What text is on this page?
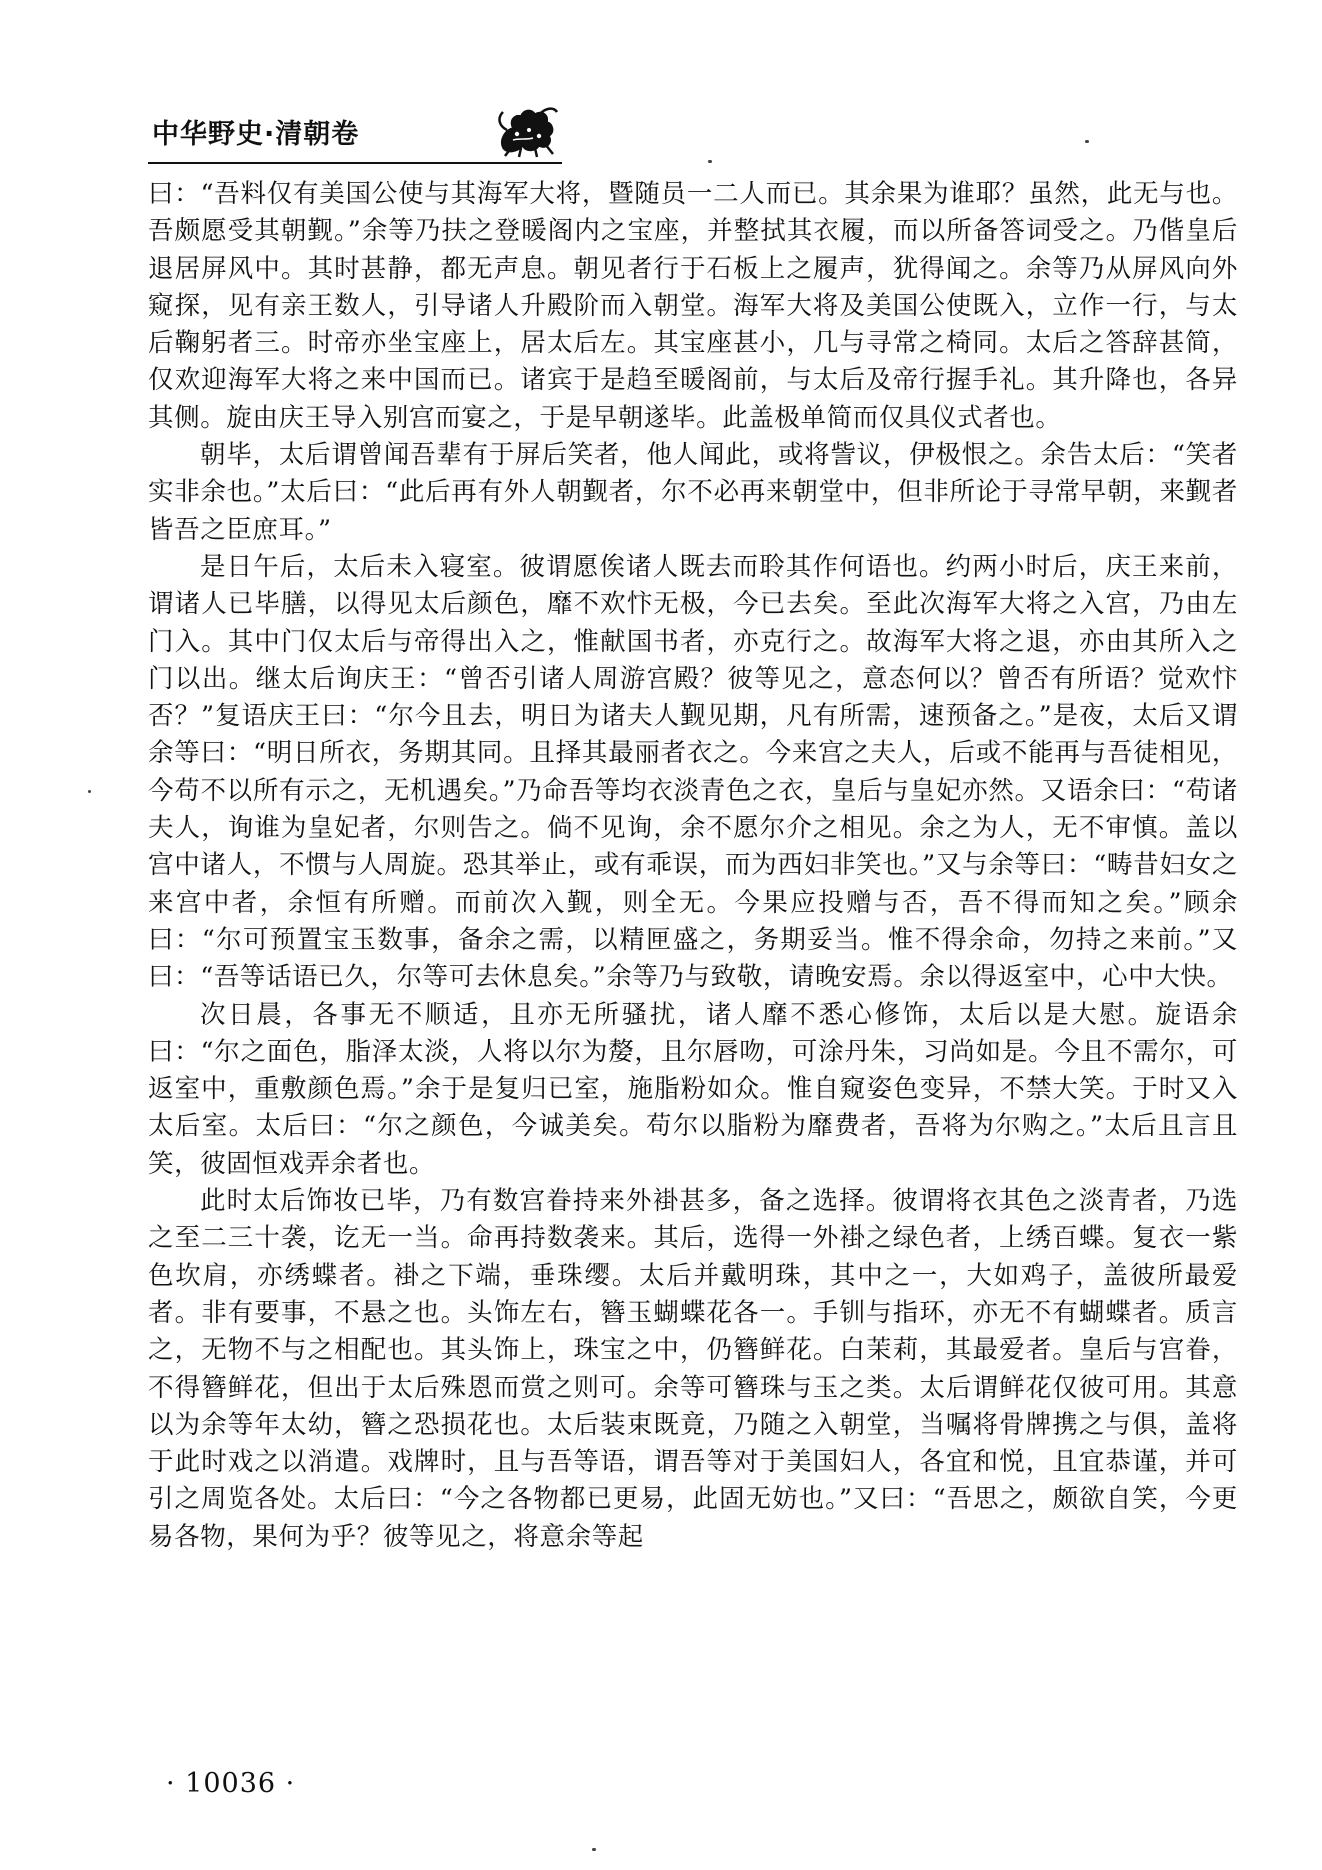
中华野史·清朝卷

曰：“吾料仅有美国公使与其海军大将，暨随员一二人而已。其余果为谁耶？虽然，此无与也。吾颇愿受其朝觐。”余等乃扶之登暖阁内之宝座，并整拭其衣履，而以所备答词受之。乃偕皇后退居屏风中。其时甚静，都无声息。朝见者行于石板上之履声，犹得闻之。余等乃从屏风向外窥探，见有亲王数人，引导诸人升殿阶而入朝堂。海军大将及美国公使既入，立作一行，与太后鞠躬者三。时帝亦坐宝座上，居太后左。其宝座甚小，几与寻常之椅同。太后之答辞甚简，仅欢迎海军大将之来中国而已。诸宾于是趋至暖阁前，与太后及帝行握手礼。其升降也，各异其侧。旋由庆王导入别宫而宴之，于是早朝遂毕。此盖极单简而仅具仪式者也。

朝毕，太后谓曾闻吾辈有于屏后笑者，他人闻此，或将訾议，伊极恨之。余告太后：“笑者实非余也。”太后曰：“此后再有外人朝觐者，尔不必再来朝堂中，但非所论于寻常早朝，来觐者皆吾之臣庶耳。”

是日午后，太后未入寝室。彼谓愿俟诸人既去而聆其作何语也。约两小时后，庆王来前，谓诸人已毕膳，以得见太后颜色，靡不欢忭无极，今已去矣。至此次海军大将之入宫，乃由左门入。其中门仅太后与帝得出入之，惟献国书者，亦克行之。故海军大将之退，亦由其所入之门以出。继太后询庆王：“曾否引诸人周游宫殿？彼等见之，意态何以？曾否有所语？觉欢忭否？”复语庆王曰：“尔今且去，明日为诸夫人觐见期，凡有所需，速预备之。”是夜，太后又谓余等曰：“明日所衣，务期其同。且择其最丽者衣之。今来宫之夫人，后或不能再与吾徒相见，今苟不以所有示之，无机遇矣。”乃命吾等均衣淡青色之衣，皇后与皇妃亦然。又语余曰：“苟诸夫人，询谁为皇妃者，尔则告之。倘不见询，余不愿尔介之相见。余之为人，无不审慎。盖以宫中诸人，不惯与人周旋。恐其举止，或有乖误，而为西妇非笑也。”又与余等曰：“畴昔妇女之来宫中者，余恒有所赠。而前次入觐，则全无。今果应投赠与否，吾不得而知之矣。”顾余曰：“尔可预置宝玉数事，备余之需，以精匣盛之，务期妥当。惟不得余命，勿持之来前。”又曰：“吾等话语已久，尔等可去休息矣。”余等乃与致敬，请晚安焉。余以得返室中，心中大快。

次日晨，各事无不顺适，且亦无所骚扰，诸人靡不悉心修饰，太后以是大慰。旋语余曰：“尔之面色，脂泽太淡，人将以尔为嫠，且尔唇吻，可涂丹朱，习尚如是。今且不需尔，可返室中，重敷颜色焉。”余于是复归已室，施脂粉如众。惟自窥姿色变异，不禁大笑。于时又入太后室。太后曰：“尔之颜色，今诚美矣。苟尔以脂粉为靡费者，吾将为尔购之。”太后且言且笑，彼固恒戏弄余者也。

此时太后饰妆已毕，乃有数宫眷持来外褂甚多，备之选择。彼谓将衣其色之淡青者，乃选之至二三十袭，讫无一当。命再持数袭来。其后，选得一外褂之绿色者，上绣百蝶。复衣一紫色坎肩，亦绣蝶者。褂之下端，垂珠缨。太后并戴明珠，其中之一，大如鸡子，盖彼所最爱者。非有要事，不悬之也。头饰左右，簪玉蝴蝶花各一。手钏与指环，亦无不有蝴蝶者。质言之，无物不与之相配也。其头饰上，珠宝之中，仍簪鲜花。白茉莉，其最爱者。皇后与宫眷，不得簪鲜花，但出于太后殊恩而赏之则可。余等可簪珠与玉之类。太后谓鲜花仅彼可用。其意以为余等年太幼，簪之恐损花也。太后装束既竟，乃随之入朝堂，当嘱将骨牌携之与俱，盖将于此时戏之以消遣。戏牌时，且与吾等语，谓吾等对于美国妇人，各宜和悦，且宜恭谨，并可引之周览各处。太后曰：“今之各物都已更易，此固无妨也。”又曰：“吾思之，颇欲自笑，今更易各物，果何为乎？彼等见之，将意余等起

· 10036 ·
